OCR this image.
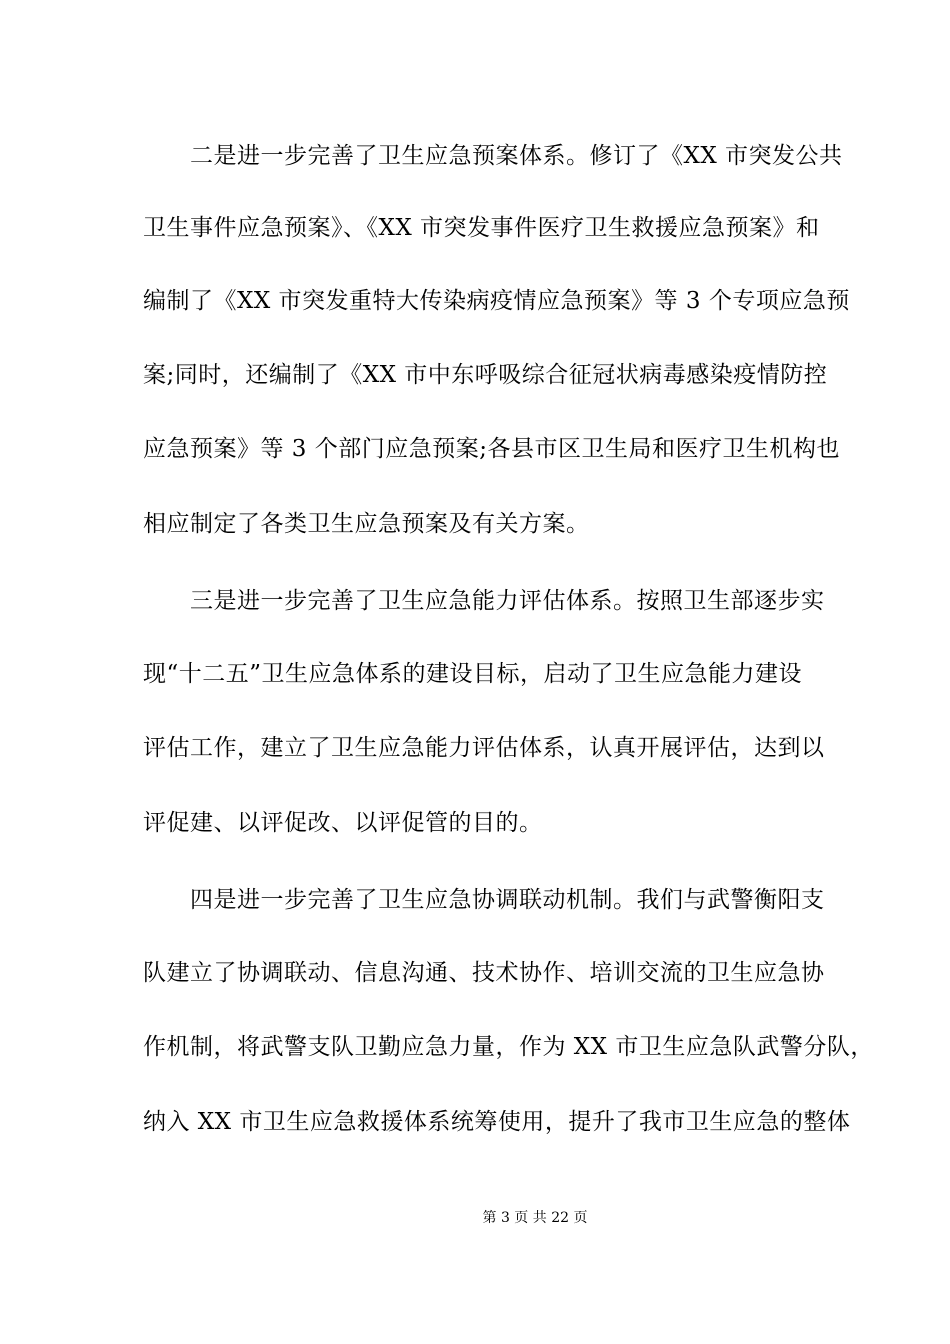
二是进一步完善了卫生应急预案体系。修订了《XX 市突发公共
卫生事件应急预案》、《XX 市突发事件医疗卫生救援应急预案》和
编制了《XX 市突发重特大传染病疫情应急预案》等 3 个专项应急预
案;同时，还编制了《XX 市中东呼吸综合征冠状病毒感染疫情防控
应急预案》等 3 个部门应急预案;各县市区卫生局和医疗卫生机构也
相应制定了各类卫生应急预案及有关方案。
三是进一步完善了卫生应急能力评估体系。按照卫生部逐步实
现“十二五”卫生应急体系的建设目标，启动了卫生应急能力建设
评估工作，建立了卫生应急能力评估体系，认真开展评估，达到以
评促建、以评促改、以评促管的目的。
四是进一步完善了卫生应急协调联动机制。我们与武警衡阳支
队建立了协调联动、信息沟通、技术协作、培训交流的卫生应急协
作机制，将武警支队卫勤应急力量，作为 XX 市卫生应急队武警分队，
纳入 XX 市卫生应急救援体系统筹使用，提升了我市卫生应急的整体
第 3 页 共 22 页
